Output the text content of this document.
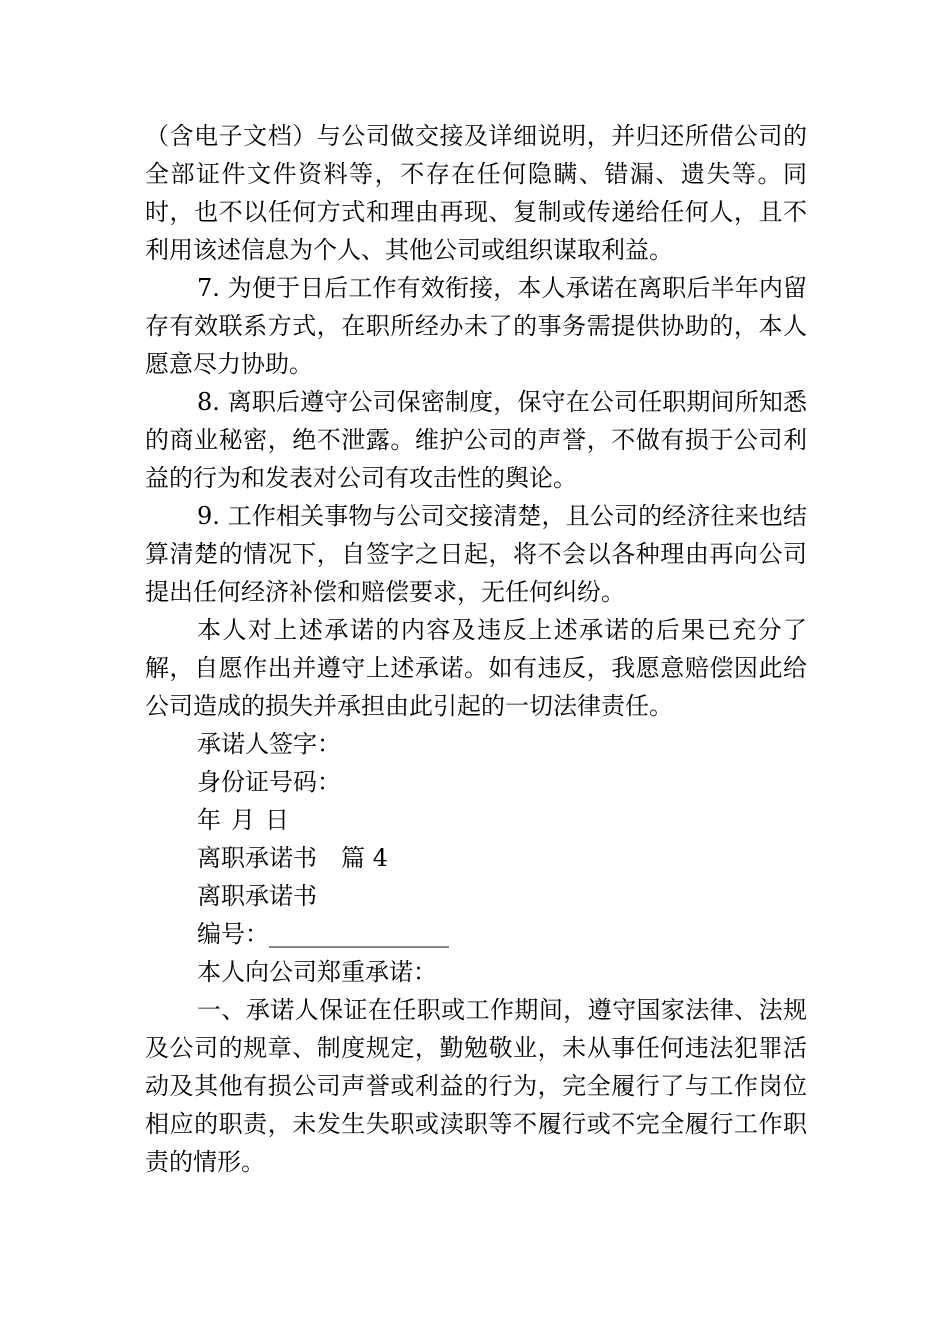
（含电子文档）与公司做交接及详细说明，并归还所借公司的全部证件文件资料等，不存在任何隐瞒、错漏、遗失等。同时，也不以任何方式和理由再现、复制或传递给任何人，且不利用该述信息为个人、其他公司或组织谋取利益。

7. 为便于日后工作有效衔接，本人承诺在离职后半年内留存有效联系方式，在职所经办未了的事务需提供协助的，本人愿意尽力协助。

8. 离职后遵守公司保密制度，保守在公司任职期间所知悉的商业秘密，绝不泄露。维护公司的声誉，不做有损于公司利益的行为和发表对公司有攻击性的舆论。

9. 工作相关事物与公司交接清楚，且公司的经济往来也结算清楚的情况下，自签字之日起，将不会以各种理由再向公司提出任何经济补偿和赔偿要求，无任何纠纷。

本人对上述承诺的内容及违反上述承诺的后果已充分了解，自愿作出并遵守上述承诺。如有违反，我愿意赔偿因此给公司造成的损失并承担由此引起的一切法律责任。

承诺人签字：

身份证号码：

年 月 日

离职承诺书　篇 4

离职承诺书

编号：_______________

本人向公司郑重承诺：

一、承诺人保证在任职或工作期间，遵守国家法律、法规及公司的规章、制度规定，勤勉敬业，未从事任何违法犯罪活动及其他有损公司声誉或利益的行为，完全履行了与工作岗位相应的职责，未发生失职或渎职等不履行或不完全履行工作职责的情形。
